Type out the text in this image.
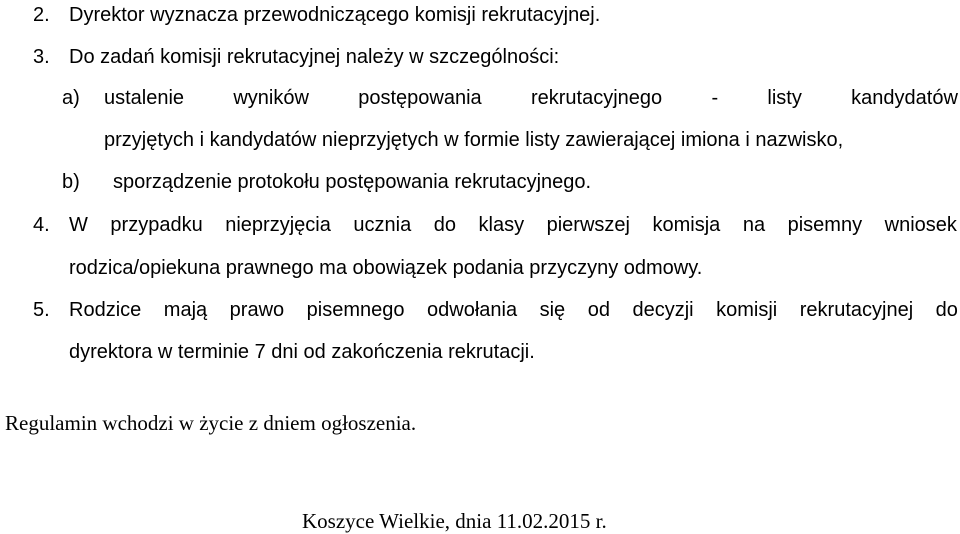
2. Dyrektor wyznacza przewodniczącego komisji rekrutacyjnej.
3. Do zadań komisji rekrutacyjnej należy w szczególności:
a) ustalenie wyników postępowania rekrutacyjnego - listy kandydatów
przyjętych i kandydatów nieprzyjętych w formie listy zawierającej imiona i nazwisko,
b) sporządzenie protokołu postępowania rekrutacyjnego.
4. W przypadku nieprzyjęcia ucznia do klasy pierwszej komisja na pisemny wniosek
rodzica/opiekuna prawnego ma obowiązek podania przyczyny odmowy.
5. Rodzice mają prawo pisemnego odwołania się od decyzji komisji rekrutacyjnej do
dyrektora w terminie 7 dni od zakończenia rekrutacji.
Regulamin wchodzi w życie z dniem ogłoszenia.
Koszyce Wielkie, dnia 11.02.2015 r.
